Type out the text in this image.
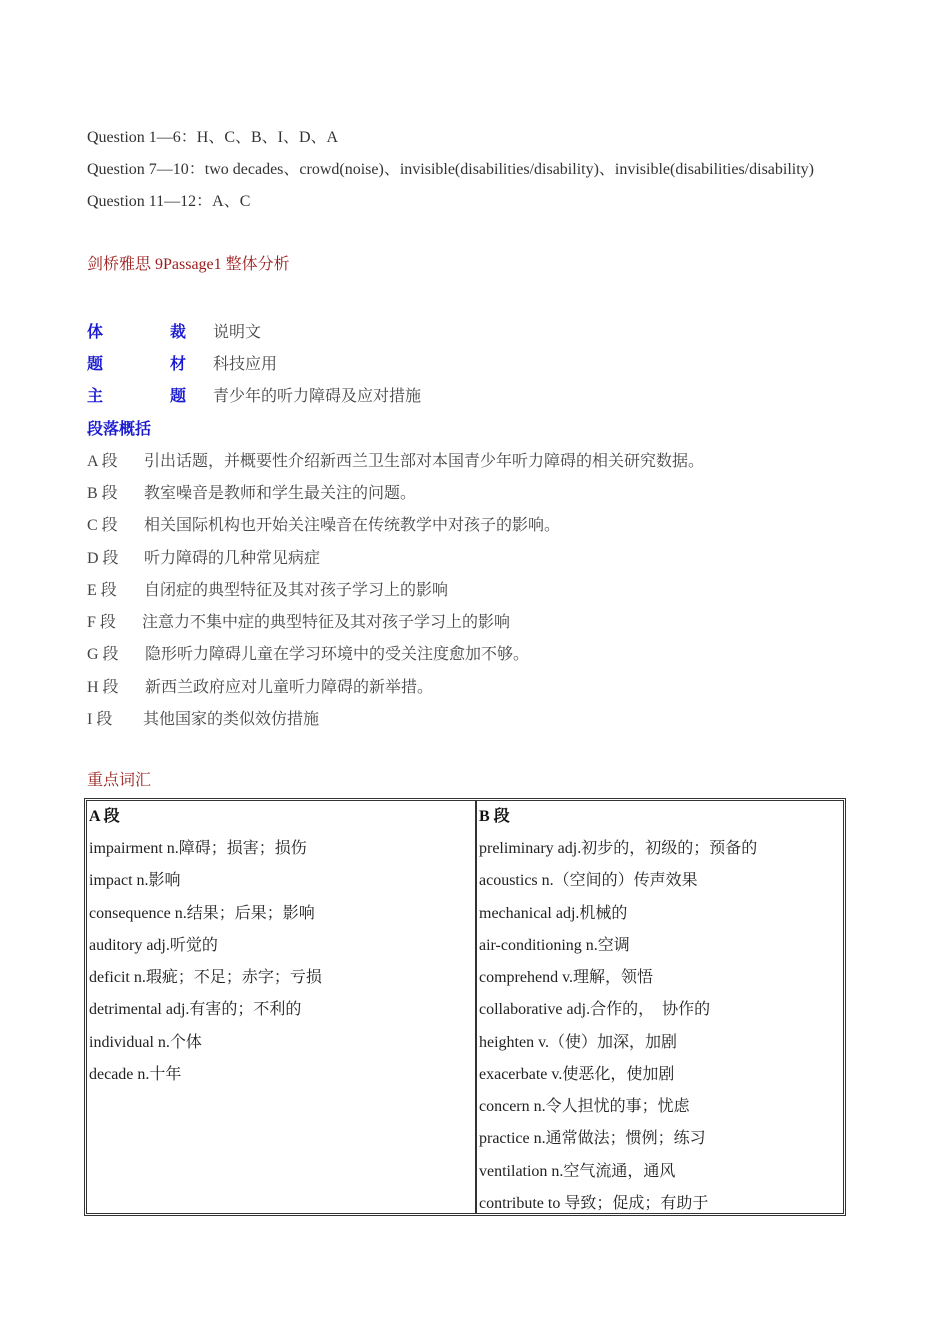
Question 1—6：H、C、B、I、D、A
Question 7—10：two decades、crowd(noise)、invisible(disabilities/disability)、invisible(disabilities/disability)
Question 11—12：A、C
剑桥雅思 9Passage1 整体分析
体	裁 说明文
题	材 科技应用
主	题 青少年的听力障碍及应对措施
段落概括
A 段	引出话题，并概要性介绍新西兰卫生部对本国青少年听力障碍的相关研究数据。
B 段	教室噪音是教师和学生最关注的问题。
C 段	相关国际机构也开始关注噪音在传统教学中对孩子的影响。
D 段	听力障碍的几种常见病症
E 段	自闭症的典型特征及其对孩子学习上的影响
F 段	注意力不集中症的典型特征及其对孩子学习上的影响
G 段	隐形听力障碍儿童在学习环境中的受关注度愈加不够。
H 段	新西兰政府应对儿童听力障碍的新举措。
I 段	其他国家的类似效仿措施
重点词汇
A 段
impairment n.障碍；损害；损伤
impact n.影响
consequence n.结果；后果；影响
auditory adj.听觉的
deficit n.瑕疵；不足；赤字；亏损
detrimental adj.有害的；不利的
individual n.个体
decade n.十年
B 段
preliminary adj.初步的，初级的；预备的
acoustics n.（空间的）传声效果
mechanical adj.机械的
air-conditioning n.空调
comprehend v.理解，领悟
collaborative adj.合作的，　协作的
heighten v.（使）加深，加剧
exacerbate v.使恶化，使加剧
concern n.令人担忧的事；忧虑
practice n.通常做法；惯例；练习
ventilation n.空气流通，通风
contribute to 导致；促成；有助于
